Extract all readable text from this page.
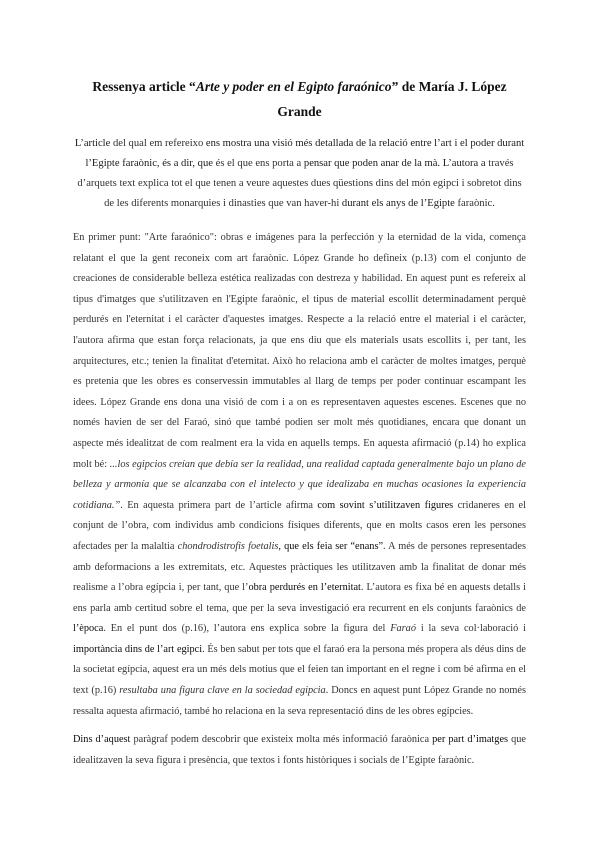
Ressenya article “Arte y poder en el Egipto faraónico” de María J. López Grande

L’article del qual em refereixo ens mostra una visió més detallada de la relació entre l’art i el poder durant l’Egipte faraònic, és a dir, que és el que ens porta a pensar que poden anar de la mà. L’autora a través d’arquets text explica tot el que tenen a veure aquestes dues qüestions dins del món egipci i sobretot dins de les diferents monarquies i dinasties que van haver-hi durant els anys de l’Egipte faraònic.

En primer punt: "Arte faraónico": obras e imágenes para la perfección y la eternidad de la vida, comença relatant el que la gent reconeix com art faraònic. López Grande ho defineix (p.13) com el conjunto de creaciones de considerable belleza estética realizadas con destreza y habilidad. En aquest punt es refereix al tipus d'imatges que s'utilitzaven en l'Egipte faraònic, el tipus de material escollit determinadament perquè perdurés en l'eternitat i el caràcter d'aquestes imatges. Respecte a la relació entre el material i el caràcter, l'autora afirma que estan força relacionats, ja que ens diu que els materials usats escollits i, per tant, les arquitectures, etc.; tenien la finalitat d'eternitat. Això ho relaciona amb el caràcter de moltes imatges, perquè es pretenia que les obres es conservessin immutables al llarg de temps per poder continuar escampant les idees. López Grande ens dona una visió de com i a on es representaven aquestes escenes. Escenes que no només havien de ser del Faraó, sinó que també podien ser molt més quotidianes, encara que donant un aspecte més idealitzat de com realment era la vida en aquells temps. En aquesta afirmació (p.14) ho explica molt bé: ...los egipcios creían que debía ser la realidad, una realidad captada generalmente bajo un plano de belleza y armonía que se alcanzaba con el intelecto y que idealizaba en muchas ocasiones la experiencia cotidiana.”. En aquesta primera part de l’article afirma com sovint s’utilitzaven figures cridaneres en el conjunt de l’obra, com individus amb condicions físiques diferents, que en molts casos eren les persones afectades per la malaltia chondrodistrofis foetalis, que els feia ser “enans”. A més de persones representades amb deformacions a les extremitats, etc. Aquestes pràctiques les utilitzaven amb la finalitat de donar més realisme a l’obra egípcia i, per tant, que l’obra perdurés en l’eternitat. L’autora es fixa bé en aquests detalls i ens parla amb certitud sobre el tema, que per la seva investigació era recurrent en els conjunts faraònics de l’època. En el punt dos (p.16), l’autora ens explica sobre la figura del Faraó i la seva col·laboració i importància dins de l’art egipci. És ben sabut per tots que el faraó era la persona més propera als déus dins de la societat egípcia, aquest era un més dels motius que el feien tan important en el regne i com bé afirma en el text (p.16) resultaba una figura clave en la sociedad egipcia. Doncs en aquest punt López Grande no només ressalta aquesta afirmació, també ho relaciona en la seva representació dins de les obres egípcies.

Dins d’aquest paràgraf podem descobrir que existeix molta més informació faraònica per part d’imatges que idealitzaven la seva figura i presència, que textos i fonts històriques i socials de l’Egipte faraònic.
